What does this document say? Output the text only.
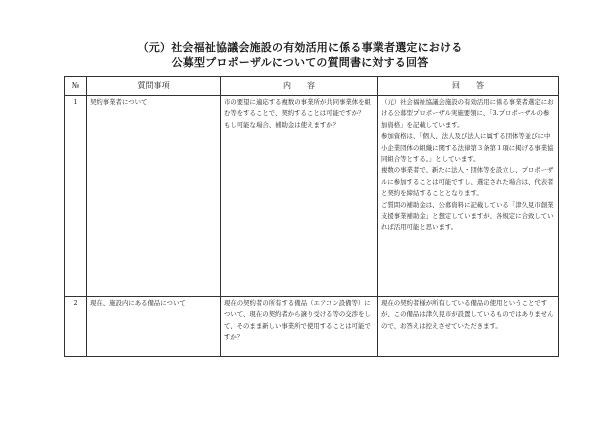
（元）社会福祉協議会施設の有効活用に係る事業者選定における
公募型プロポーザルについての質問書に対する回答
№	質問事項	内　　容	回　　答
1	契約事業者について	市の要望に適応する複数の事業所が共同事業体を組む等をすることで、契約することは可能ですか？
もし可能な場合、補助金は使えますか？	（元）社会福祉協議会施設の有効活用に係る事業者選定における公募型プロポーザル実施要領に、「3.プロポーザルの参加資格」を記載しています。
参加資格は、「個人、法人及び法人に属する団体等並びに中小企業団体の組織に関する法律第３条第１項に掲げる事業協同組合等とする。」としています。
複数の事業者で、新たに法人・団体等を設立し、プロポーザルに参加することは可能ですし、選定された場合は、代表者と契約を締結することとなります。
ご質問の補助金は、公募資料に記載している「津久見市創業支援事業補助金」と想定していますが、各規定に合致していれば活用可能と思います。

2	現在、施設内にある備品について	現在の契約者の所有する備品（エアコン設備等）について、現在の契約者から譲り受ける等の交渉をして、そのまま新しい事業所で使用することは可能ですか？	現在の契約者様が所有している備品の使用ということですが、この備品は津久見市が設置しているものではありませんので、お答えは控えさせていただきます。
